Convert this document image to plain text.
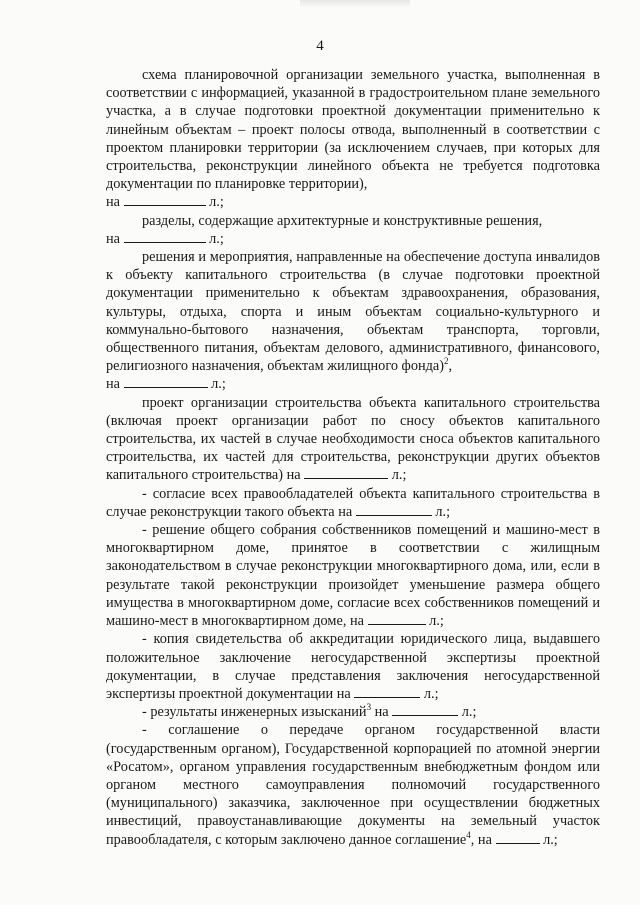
4

схема планировочной организации земельного участка, выполненная в соответствии с информацией, указанной в градостроительном плане земельного участка, а в случае подготовки проектной документации применительно к линейным объектам – проект полосы отвода, выполненный в соответствии с проектом планировки территории (за исключением случаев, при которых для строительства, реконструкции линейного объекта не требуется подготовка документации по планировке территории),
на	л.;

разделы, содержащие архитектурные и конструктивные решения,
на	л.;

решения и мероприятия, направленные на обеспечение доступа инвалидов к объекту капитального строительства (в случае подготовки проектной документации применительно к объектам здравоохранения, образования, культуры, отдыха, спорта и иным объектам социально-культурного и коммунально-бытового назначения, объектам транспорта, торговли, общественного питания, объектам делового, административного, финансового, религиозного назначения, объектам жилищного фонда)$^2$,
на	л.;

проект организации строительства объекта капитального строительства (включая проект организации работ по сносу объектов капитального строительства, их частей в случае необходимости сноса объектов капитального строительства, их частей для строительства, реконструкции других объектов капитального строительства) на	л.;

- согласие всех правообладателей объекта капитального строительства в случае реконструкции такого объекта на	л.;

- решение общего собрания собственников помещений и машино-мест в многоквартирном доме, принятое в соответствии с жилищным законодательством в случае реконструкции многоквартирного дома, или, если в результате такой реконструкции произойдет уменьшение размера общего имущества в многоквартирном доме, согласие всех собственников помещений и машино-мест в многоквартирном доме, на	л.;

- копия свидетельства об аккредитации юридического лица, выдавшего положительное заключение негосударственной экспертизы проектной документации, в случае представления заключения негосударственной экспертизы проектной документации на	л.;

- результаты инженерных изысканий$^3$ на	л.;

- соглашение о передаче органом государственной власти (государственным органом), Государственной корпорацией по атомной энергии «Росатом», органом управления государственным внебюджетным фондом или органом местного самоуправления полномочий государственного (муниципального) заказчика, заключенное при осуществлении бюджетных инвестиций, правоустанавливающие документы на земельный участок правообладателя, с которым заключено данное соглашение$^4$, на	л.;
